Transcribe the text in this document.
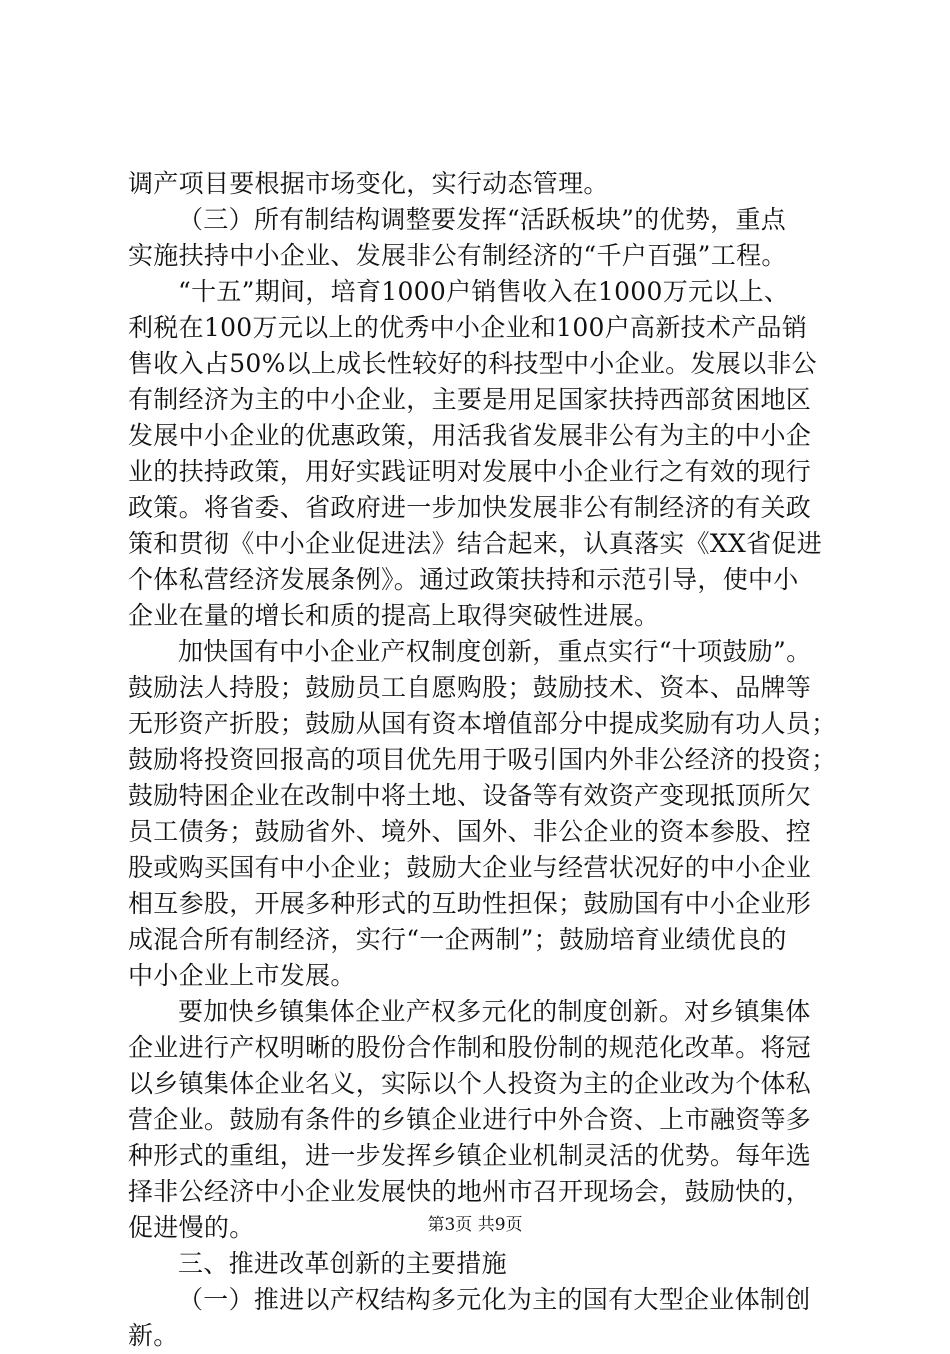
调产项目要根据市场变化，实行动态管理。
（三）所有制结构调整要发挥“活跃板块”的优势，重点
实施扶持中小企业、发展非公有制经济的“千户百强”工程。
“十五”期间，培育1000户销售收入在1000万元以上、
利税在100万元以上的优秀中小企业和100户高新技术产品销
售收入占50%以上成长性较好的科技型中小企业。发展以非公
有制经济为主的中小企业，主要是用足国家扶持西部贫困地区
发展中小企业的优惠政策，用活我省发展非公有为主的中小企
业的扶持政策，用好实践证明对发展中小企业行之有效的现行
政策。将省委、省政府进一步加快发展非公有制经济的有关政
策和贯彻《中小企业促进法》结合起来，认真落实《XX省促进
个体私营经济发展条例》。通过政策扶持和示范引导，使中小
企业在量的增长和质的提高上取得突破性进展。
加快国有中小企业产权制度创新，重点实行“十项鼓励”。
鼓励法人持股；鼓励员工自愿购股；鼓励技术、资本、品牌等
无形资产折股；鼓励从国有资本增值部分中提成奖励有功人员；
鼓励将投资回报高的项目优先用于吸引国内外非公经济的投资；
鼓励特困企业在改制中将土地、设备等有效资产变现抵顶所欠
员工债务；鼓励省外、境外、国外、非公企业的资本参股、控
股或购买国有中小企业；鼓励大企业与经营状况好的中小企业
相互参股，开展多种形式的互助性担保；鼓励国有中小企业形
成混合所有制经济，实行“一企两制”；鼓励培育业绩优良的
中小企业上市发展。
要加快乡镇集体企业产权多元化的制度创新。对乡镇集体
企业进行产权明晰的股份合作制和股份制的规范化改革。将冠
以乡镇集体企业名义，实际以个人投资为主的企业改为个体私
营企业。鼓励有条件的乡镇企业进行中外合资、上市融资等多
种形式的重组，进一步发挥乡镇企业机制灵活的优势。每年选
择非公经济中小企业发展快的地州市召开现场会，鼓励快的，
促进慢的。
三、推进改革创新的主要措施
（一）推进以产权结构多元化为主的国有大型企业体制创
新。
第3页 共9页
